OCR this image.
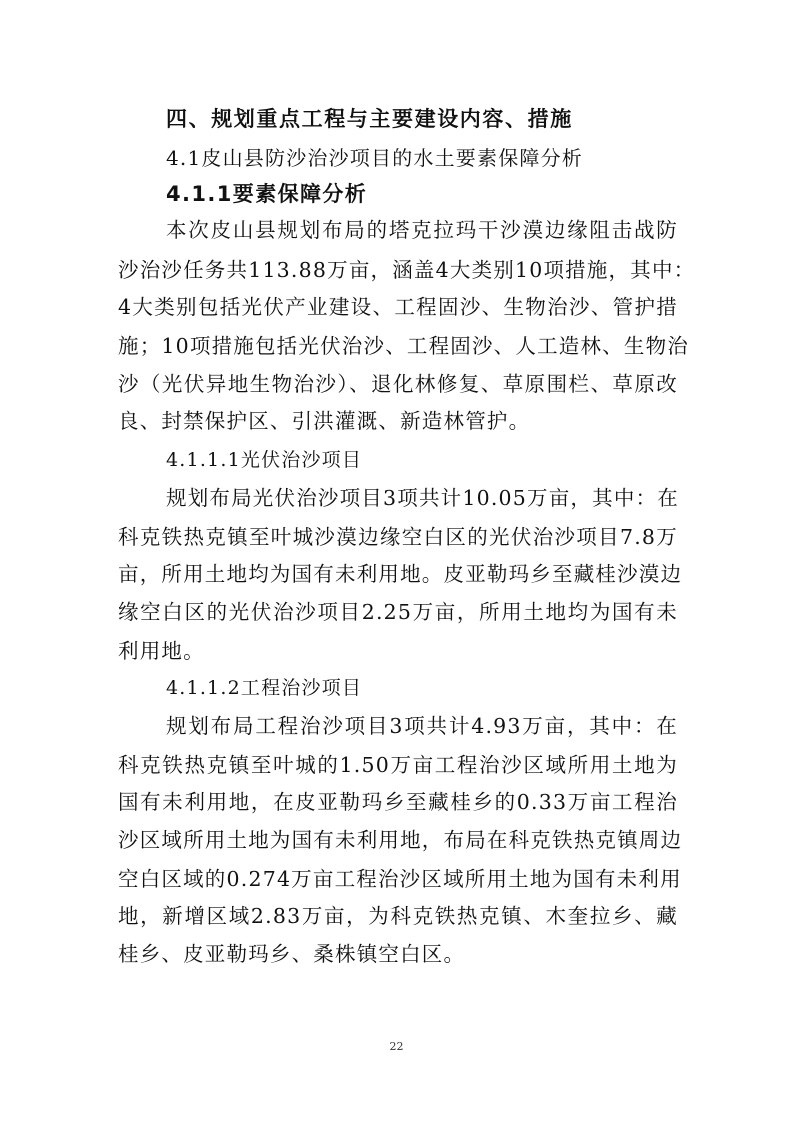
四、规划重点工程与主要建设内容、措施
4.1皮山县防沙治沙项目的水土要素保障分析
4.1.1要素保障分析
本次皮山县规划布局的塔克拉玛干沙漠边缘阻击战防
沙治沙任务共113.88万亩，涵盖4大类别10项措施，其中：
4大类别包括光伏产业建设、工程固沙、生物治沙、管护措
施；10项措施包括光伏治沙、工程固沙、人工造林、生物治
沙（光伏异地生物治沙）、退化林修复、草原围栏、草原改
良、封禁保护区、引洪灌溉、新造林管护。
4.1.1.1光伏治沙项目
规划布局光伏治沙项目3项共计10.05万亩，其中：在
科克铁热克镇至叶城沙漠边缘空白区的光伏治沙项目7.8万
亩，所用土地均为国有未利用地。皮亚勒玛乡至藏桂沙漠边
缘空白区的光伏治沙项目2.25万亩，所用土地均为国有未
利用地。
4.1.1.2工程治沙项目
规划布局工程治沙项目3项共计4.93万亩，其中：在
科克铁热克镇至叶城的1.50万亩工程治沙区域所用土地为
国有未利用地，在皮亚勒玛乡至藏桂乡的0.33万亩工程治
沙区域所用土地为国有未利用地，布局在科克铁热克镇周边
空白区域的0.274万亩工程治沙区域所用土地为国有未利用
地，新增区域2.83万亩，为科克铁热克镇、木奎拉乡、藏
桂乡、皮亚勒玛乡、桑株镇空白区。
22
